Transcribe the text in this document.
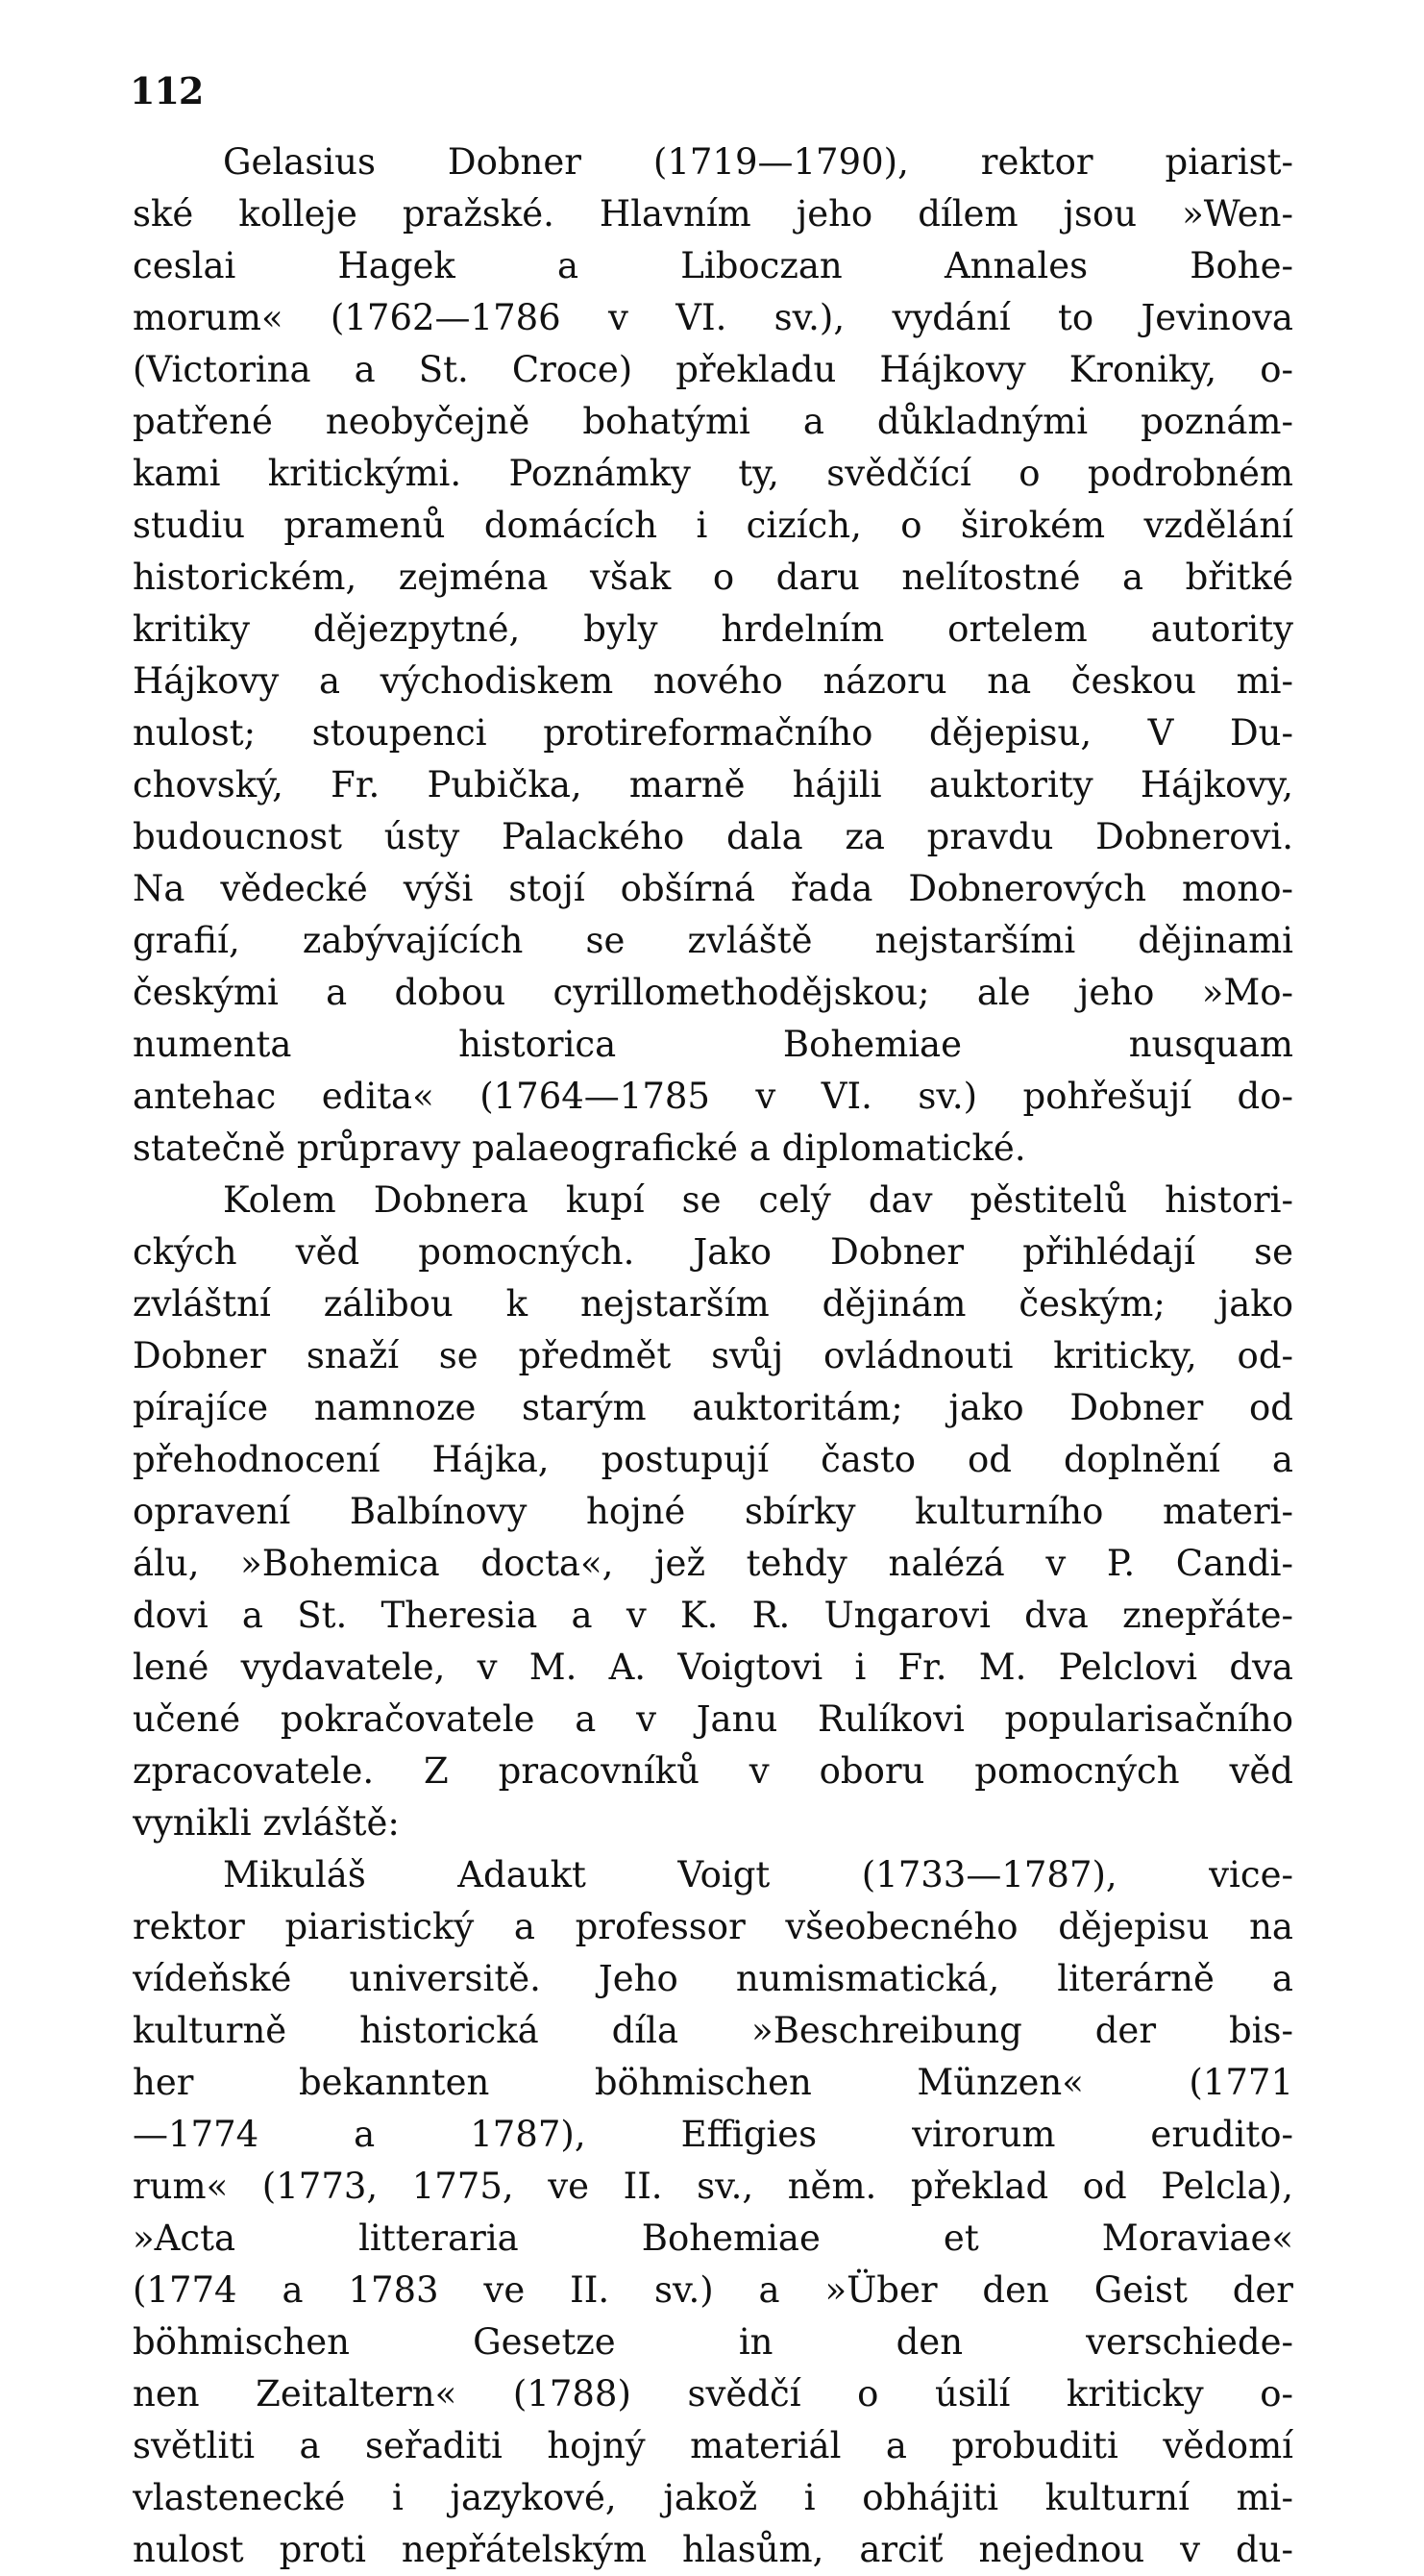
112
Gelasius Dobner (1719—1790), rektor piarist-
ské kolleje pražské. Hlavním jeho dílem jsou »Wen-
ceslai Hagek a Liboczan Annales Bohe-
morum« (1762—1786 v VI. sv.), vydání to Jevinova
(Victorina a St. Croce) překladu Hájkovy Kroniky, o-
patřené neobyčejně bohatými a důkladnými poznám-
kami kritickými. Poznámky ty, svědčící o podrobném
studiu pramenů domácích i cizích, o širokém vzdělání
historickém, zejména však o daru nelítostné a břitké
kritiky dějezpytné, byly hrdelním ortelem autority
Hájkovy a východiskem nového názoru na českou mi-
nulost; stoupenci protireformačního dějepisu, V Du-
chovský, Fr. Pubička, marně hájili auktority Hájkovy,
budoucnost ústy Palackého dala za pravdu Dobnerovi.
Na vědecké výši stojí obšírná řada Dobnerových mono-
grafií, zabývajících se zvláště nejstaršími dějinami
českými a dobou cyrillomethodějskou; ale jeho »Mo-
numenta historica Bohemiae nusquam
antehac edita« (1764—1785 v VI. sv.) pohřešují do-
statečně průpravy palaeografické a diplomatické.
Kolem Dobnera kupí se celý dav pěstitelů histori-
ckých věd pomocných. Jako Dobner přihlédají se
zvláštní zálibou k nejstarším dějinám českým; jako
Dobner snaží se předmět svůj ovládnouti kriticky, od-
pírajíce namnoze starým auktoritám; jako Dobner od
přehodnocení Hájka, postupují často od doplnění a
opravení Balbínovy hojné sbírky kulturního materi-
álu, »Bohemica docta«, jež tehdy nalézá v P. Candi-
dovi a St. Theresia a v K. R. Ungarovi dva znepřáte-
lené vydavatele, v M. A. Voigtovi i Fr. M. Pelclovi dva
učené pokračovatele a v Janu Rulíkovi popularisačního
zpracovatele. Z pracovníků v oboru pomocných věd
vynikli zvláště:
Mikuláš Adaukt Voigt (1733—1787), vice-
rektor piaristický a professor všeobecného dějepisu na
vídeňské universitě. Jeho numismatická, literárně a
kulturně historická díla »Beschreibung der bis-
her bekannten böhmischen Münzen« (1771
—1774 a 1787), Effigies virorum erudito-
rum« (1773, 1775, ve II. sv., něm. překlad od Pelcla),
»Acta litteraria Bohemiae et Moraviae«
(1774 a 1783 ve II. sv.) a »Über den Geist der
böhmischen Gesetze in den verschiede-
nen Zeitaltern« (1788) svědčí o úsilí kriticky o-
světliti a seřaditi hojný materiál a probuditi vědomí
vlastenecké i jazykové, jakož i obhájiti kulturní mi-
nulost proti nepřátelským hlasům, arciť nejednou v du-
